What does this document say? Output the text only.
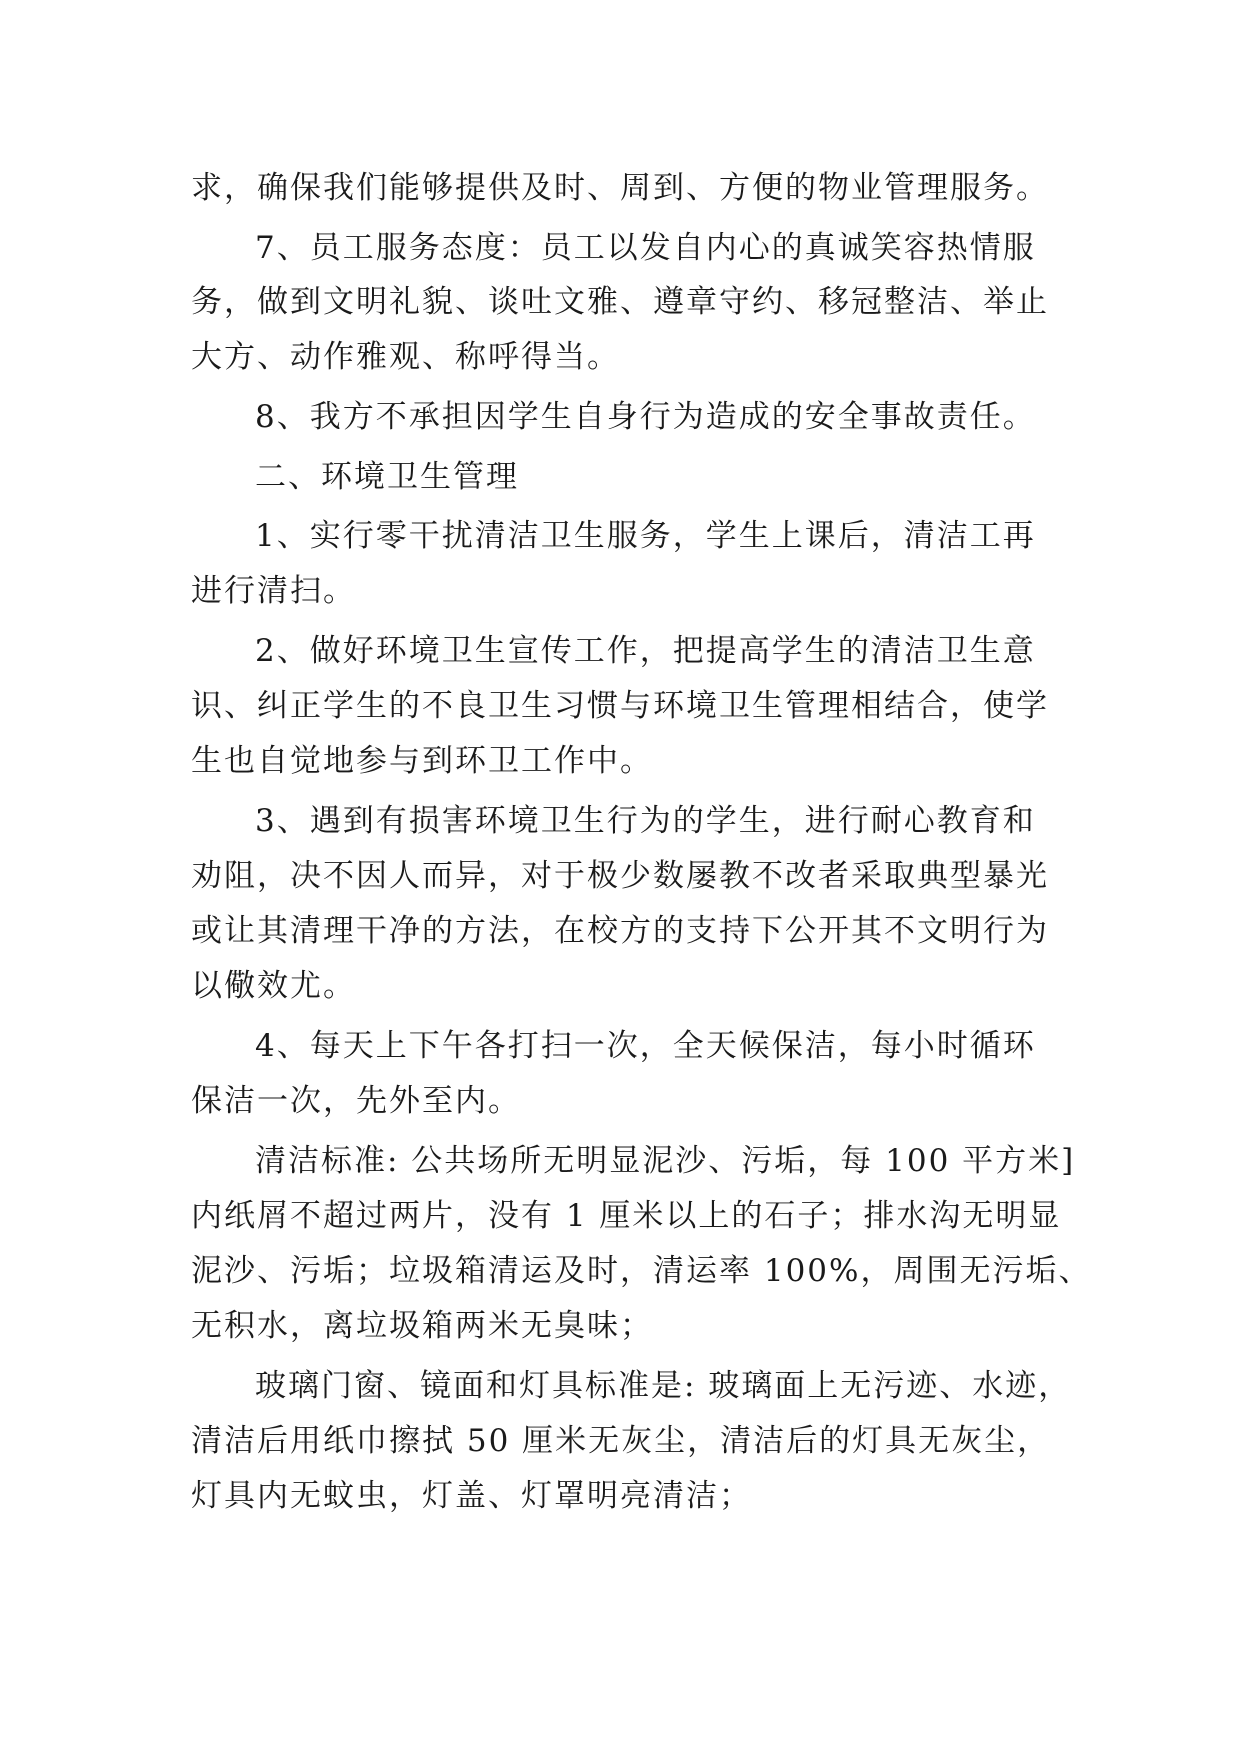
求，确保我们能够提供及时、周到、方便的物业管理服务。
7、员工服务态度：员工以发自内心的真诚笑容热情服
务，做到文明礼貌、谈吐文雅、遵章守约、移冠整洁、举止
大方、动作雅观、称呼得当。
8、我方不承担因学生自身行为造成的安全事故责任。
二、环境卫生管理
1、实行零干扰清洁卫生服务，学生上课后，清洁工再
进行清扫。
2、做好环境卫生宣传工作，把提高学生的清洁卫生意
识、纠正学生的不良卫生习惯与环境卫生管理相结合，使学
生也自觉地参与到环卫工作中。
3、遇到有损害环境卫生行为的学生，进行耐心教育和
劝阻，决不因人而异，对于极少数屡教不改者采取典型暴光
或让其清理干净的方法，在校方的支持下公开其不文明行为
以儆效尤。
4、每天上下午各打扫一次，全天候保洁，每小时循环
保洁一次，先外至内。
清洁标准: 公共场所无明显泥沙、污垢，每 100 平方米]
内纸屑不超过两片，没有 1 厘米以上的石子；排水沟无明显
泥沙、污垢；垃圾箱清运及时，清运率 100%，周围无污垢、
无积水，离垃圾箱两米无臭味；
玻璃门窗、镜面和灯具标准是: 玻璃面上无污迹、水迹，
清洁后用纸巾擦拭 50 厘米无灰尘，清洁后的灯具无灰尘，
灯具内无蚊虫，灯盖、灯罩明亮清洁；
